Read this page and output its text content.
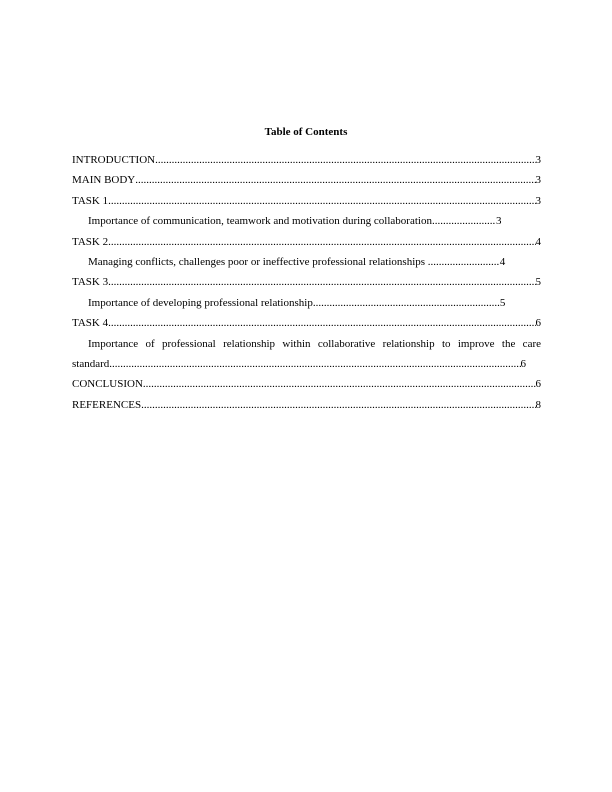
Table of Contents
INTRODUCTION .....	3
MAIN BODY .....	3
TASK 1 .....	3
Importance of communication, teamwork and motivation during collaboration .....	3
TASK 2 .....	4
Managing conflicts, challenges poor or ineffective professional relationships .....	4
TASK 3 .....	5
Importance of developing professional relationship .....	5
TASK 4 .....	6
Importance of professional relationship within collaborative relationship to improve the care
standard .....	6
CONCLUSION .....	6
REFERENCES .....	8
